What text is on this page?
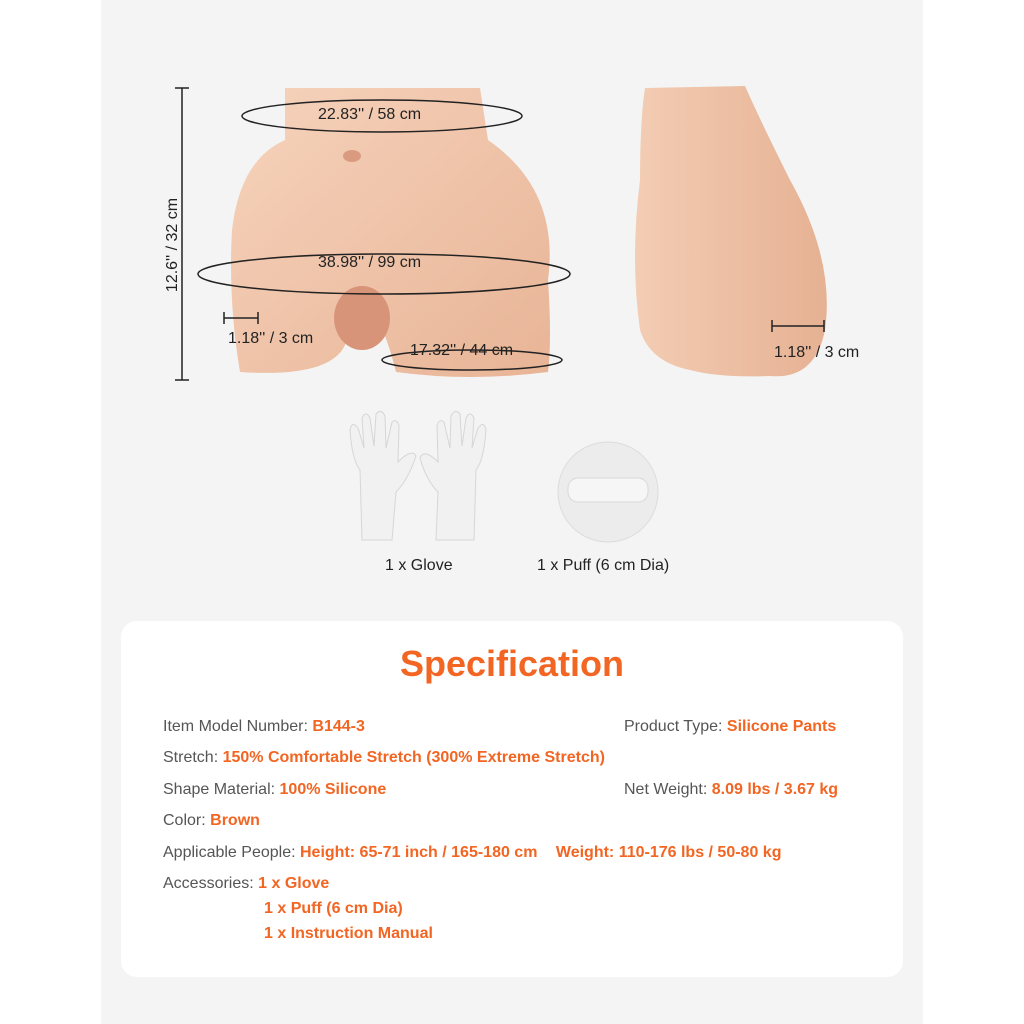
12.6'' / 32 cm
22.83'' / 58 cm
38.98'' / 99 cm
1.18'' / 3 cm
17.32'' / 44 cm	1.18'' / 3 cm
1 x Glove	1 x Puff (6 cm Dia)
Specification
Item Model Number: B144-3	Product Type: Silicone Pants
Stretch: 150% Comfortable Stretch (300% Extreme Stretch)
Shape Material: 100% Silicone	Net Weight: 8.09 lbs / 3.67 kg
Color: Brown
Applicable People: Height: 65-71 inch / 165-180 cm Weight: 110-176 lbs / 50-80 kg
Accessories: 1 x Glove
1 x Puff (6 cm Dia)
1 x Instruction Manual
